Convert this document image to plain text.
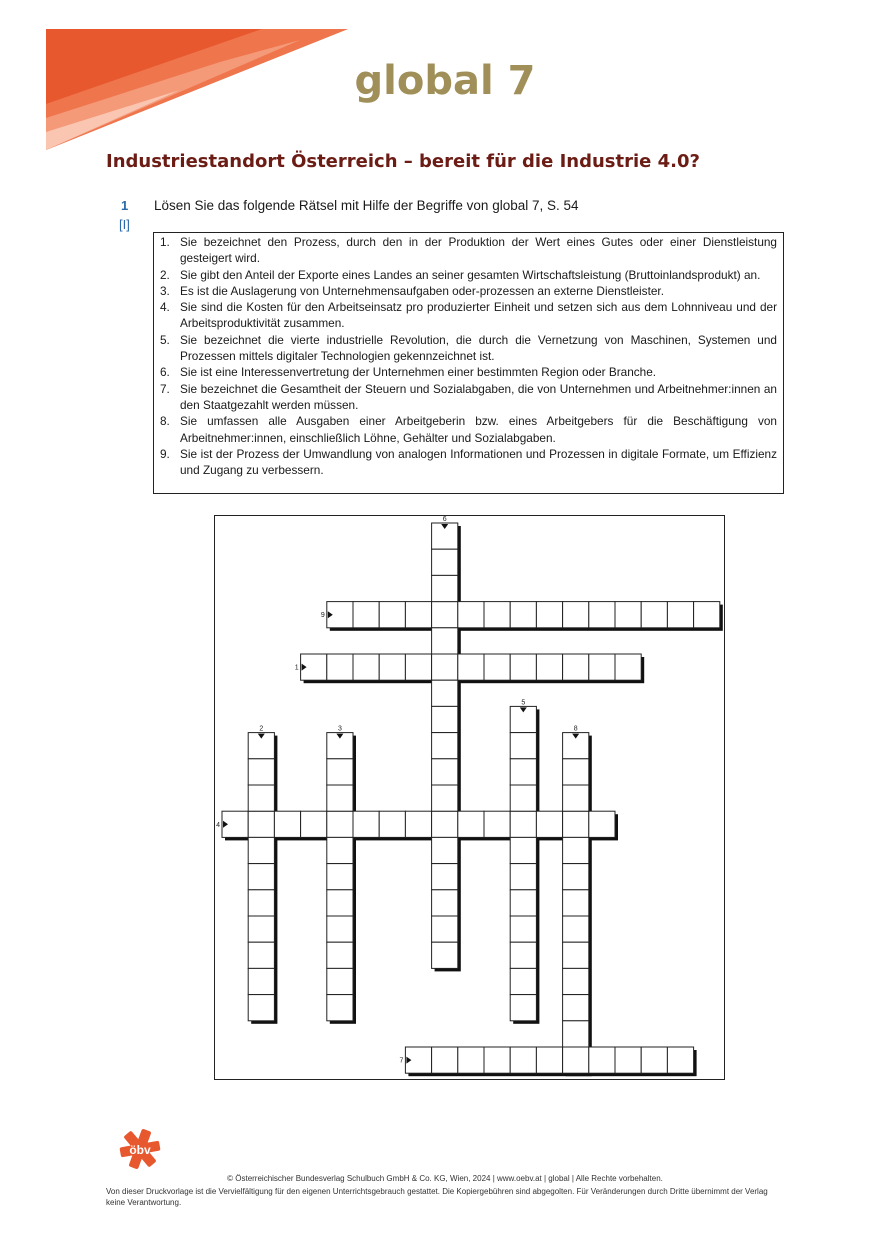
global 7
Industriestandort Österreich – bereit für die Industrie 4.0?
1
[I]
Lösen Sie das folgende Rätsel mit Hilfe der Begriffe von global 7, S. 54
1. Sie bezeichnet den Prozess, durch den in der Produktion der Wert eines Gutes oder einer Dienstleistung gesteigert wird.
2. Sie gibt den Anteil der Exporte eines Landes an seiner gesamten Wirtschaftsleistung (Bruttoinlandsprodukt) an.
3. Es ist die Auslagerung von Unternehmensaufgaben oder-prozessen an externe Dienstleister.
4. Sie sind die Kosten für den Arbeitseinsatz pro produzierter Einheit und setzen sich aus dem Lohnniveau und der Arbeitsproduktivität zusammen.
5. Sie bezeichnet die vierte industrielle Revolution, die durch die Vernetzung von Maschinen, Systemen und Prozessen mittels digitaler Technologien gekennzeichnet ist.
6. Sie ist eine Interessenvertretung der Unternehmen einer bestimmten Region oder Branche.
7. Sie bezeichnet die Gesamtheit der Steuern und Sozialabgaben, die von Unternehmen und Arbeitnehmer:innen an den Staatgezahlt werden müssen.
8. Sie umfassen alle Ausgaben einer Arbeitgeberin bzw. eines Arbeitgebers für die Beschäftigung von Arbeitnehmer:innen, einschließlich Löhne, Gehälter und Sozialabgaben.
9. Sie ist der Prozess der Umwandlung von analogen Informationen und Prozessen in digitale Formate, um Effizienz und Zugang zu verbessern.
9
1
4
7
6
2	3
5
8
öbv
© Österreichischer Bundesverlag Schulbuch GmbH & Co. KG, Wien, 2024 | www.oebv.at | global | Alle Rechte vorbehalten.
Von dieser Druckvorlage ist die Vervielfältigung für den eigenen Unterrichtsgebrauch gestattet. Die Kopiergebühren sind abgegolten. Für Veränderungen durch Dritte übernimmt der Verlag keine Verantwortung.
